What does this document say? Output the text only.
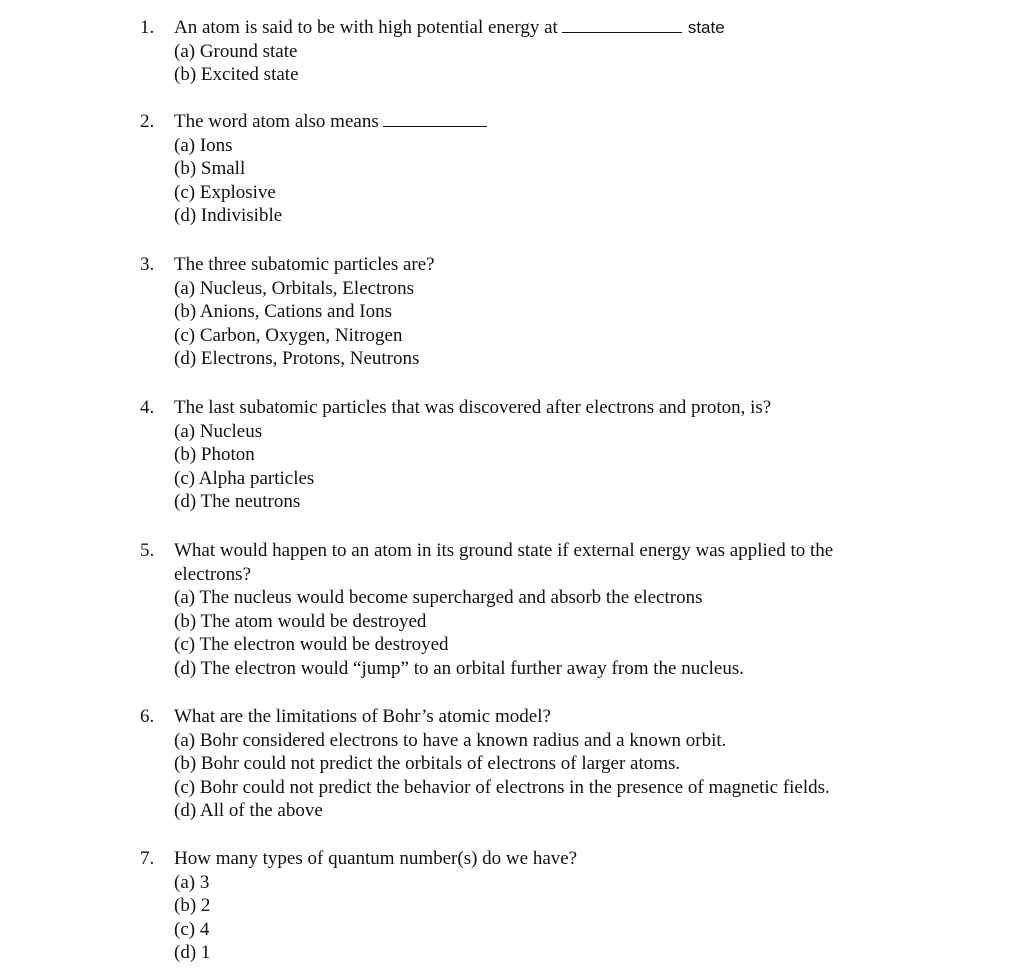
1.	An atom is said to be with high potential energy at	state
(a) Ground state
(b) Excited state
2.	The word atom also means
(a) Ions
(b) Small
(c) Explosive
(d) Indivisible
3.	The three subatomic particles are?
(a) Nucleus, Orbitals, Electrons
(b) Anions, Cations and Ions
(c) Carbon, Oxygen, Nitrogen
(d) Electrons, Protons, Neutrons
4.	The last subatomic particles that was discovered after electrons and proton, is?
(a) Nucleus
(b) Photon
(c) Alpha particles
(d) The neutrons
5.	What would happen to an atom in its ground state if external energy was applied to the
electrons?
(a) The nucleus would become supercharged and absorb the electrons
(b) The atom would be destroyed
(c) The electron would be destroyed
(d) The electron would “jump” to an orbital further away from the nucleus.
6.	What are the limitations of Bohr’s atomic model?
(a) Bohr considered electrons to have a known radius and a known orbit.
(b) Bohr could not predict the orbitals of electrons of larger atoms.
(c) Bohr could not predict the behavior of electrons in the presence of magnetic fields.
(d) All of the above
7.	How many types of quantum number(s) do we have?
(a) 3
(b) 2
(c) 4
(d) 1
